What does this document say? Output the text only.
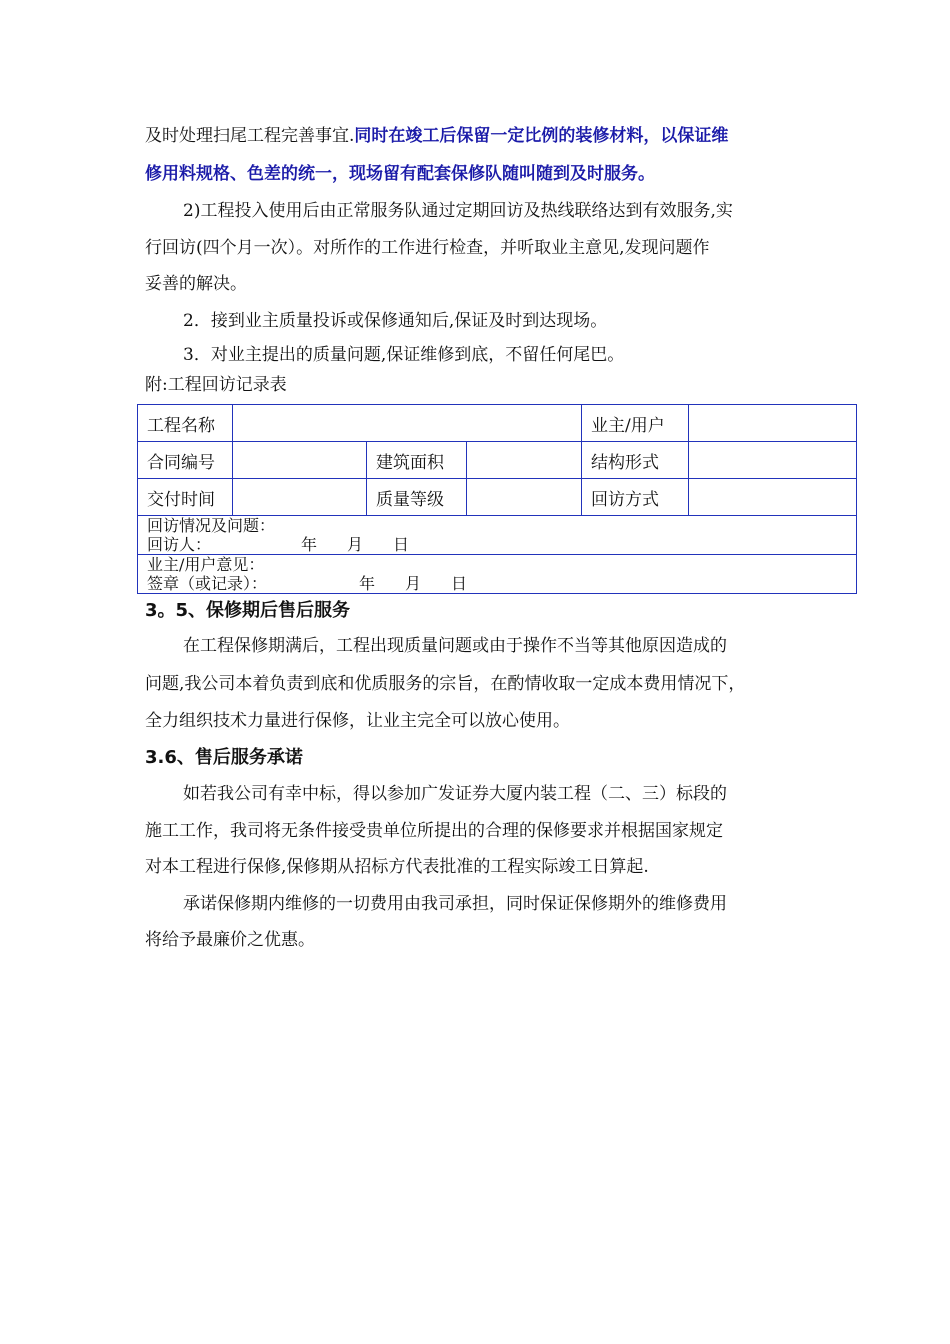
及时处理扫尾工程完善事宜.同时在竣工后保留一定比例的装修材料，以保证维
修用料规格、色差的统一，现场留有配套保修队随叫随到及时服务。
2)工程投入使用后由正常服务队通过定期回访及热线联络达到有效服务,实
行回访(四个月一次）。对所作的工作进行检查，并听取业主意见,发现问题作
妥善的解决。
2．接到业主质量投诉或保修通知后,保证及时到达现场。
3．对业主提出的质量问题,保证维修到底，不留任何尾巴。
附:工程回访记录表
工程名称				业主/用户	
合同编号		建筑面积		结构形式	
交付时间		质量等级		回访方式	

回访情况及问题：
回访人： 年 月 日					

业主/用户意见：
签章（或记录）： 年 月 日					
3。5、保修期后售后服务
在工程保修期满后，工程出现质量问题或由于操作不当等其他原因造成的
问题,我公司本着负责到底和优质服务的宗旨，在酌情收取一定成本费用情况下，
全力组织技术力量进行保修，让业主完全可以放心使用。
3.6、售后服务承诺
如若我公司有幸中标，得以参加广发证券大厦内装工程（二、三）标段的
施工工作，我司将无条件接受贵单位所提出的合理的保修要求并根据国家规定
对本工程进行保修,保修期从招标方代表批准的工程实际竣工日算起.
承诺保修期内维修的一切费用由我司承担，同时保证保修期外的维修费用
将给予最廉价之优惠。
